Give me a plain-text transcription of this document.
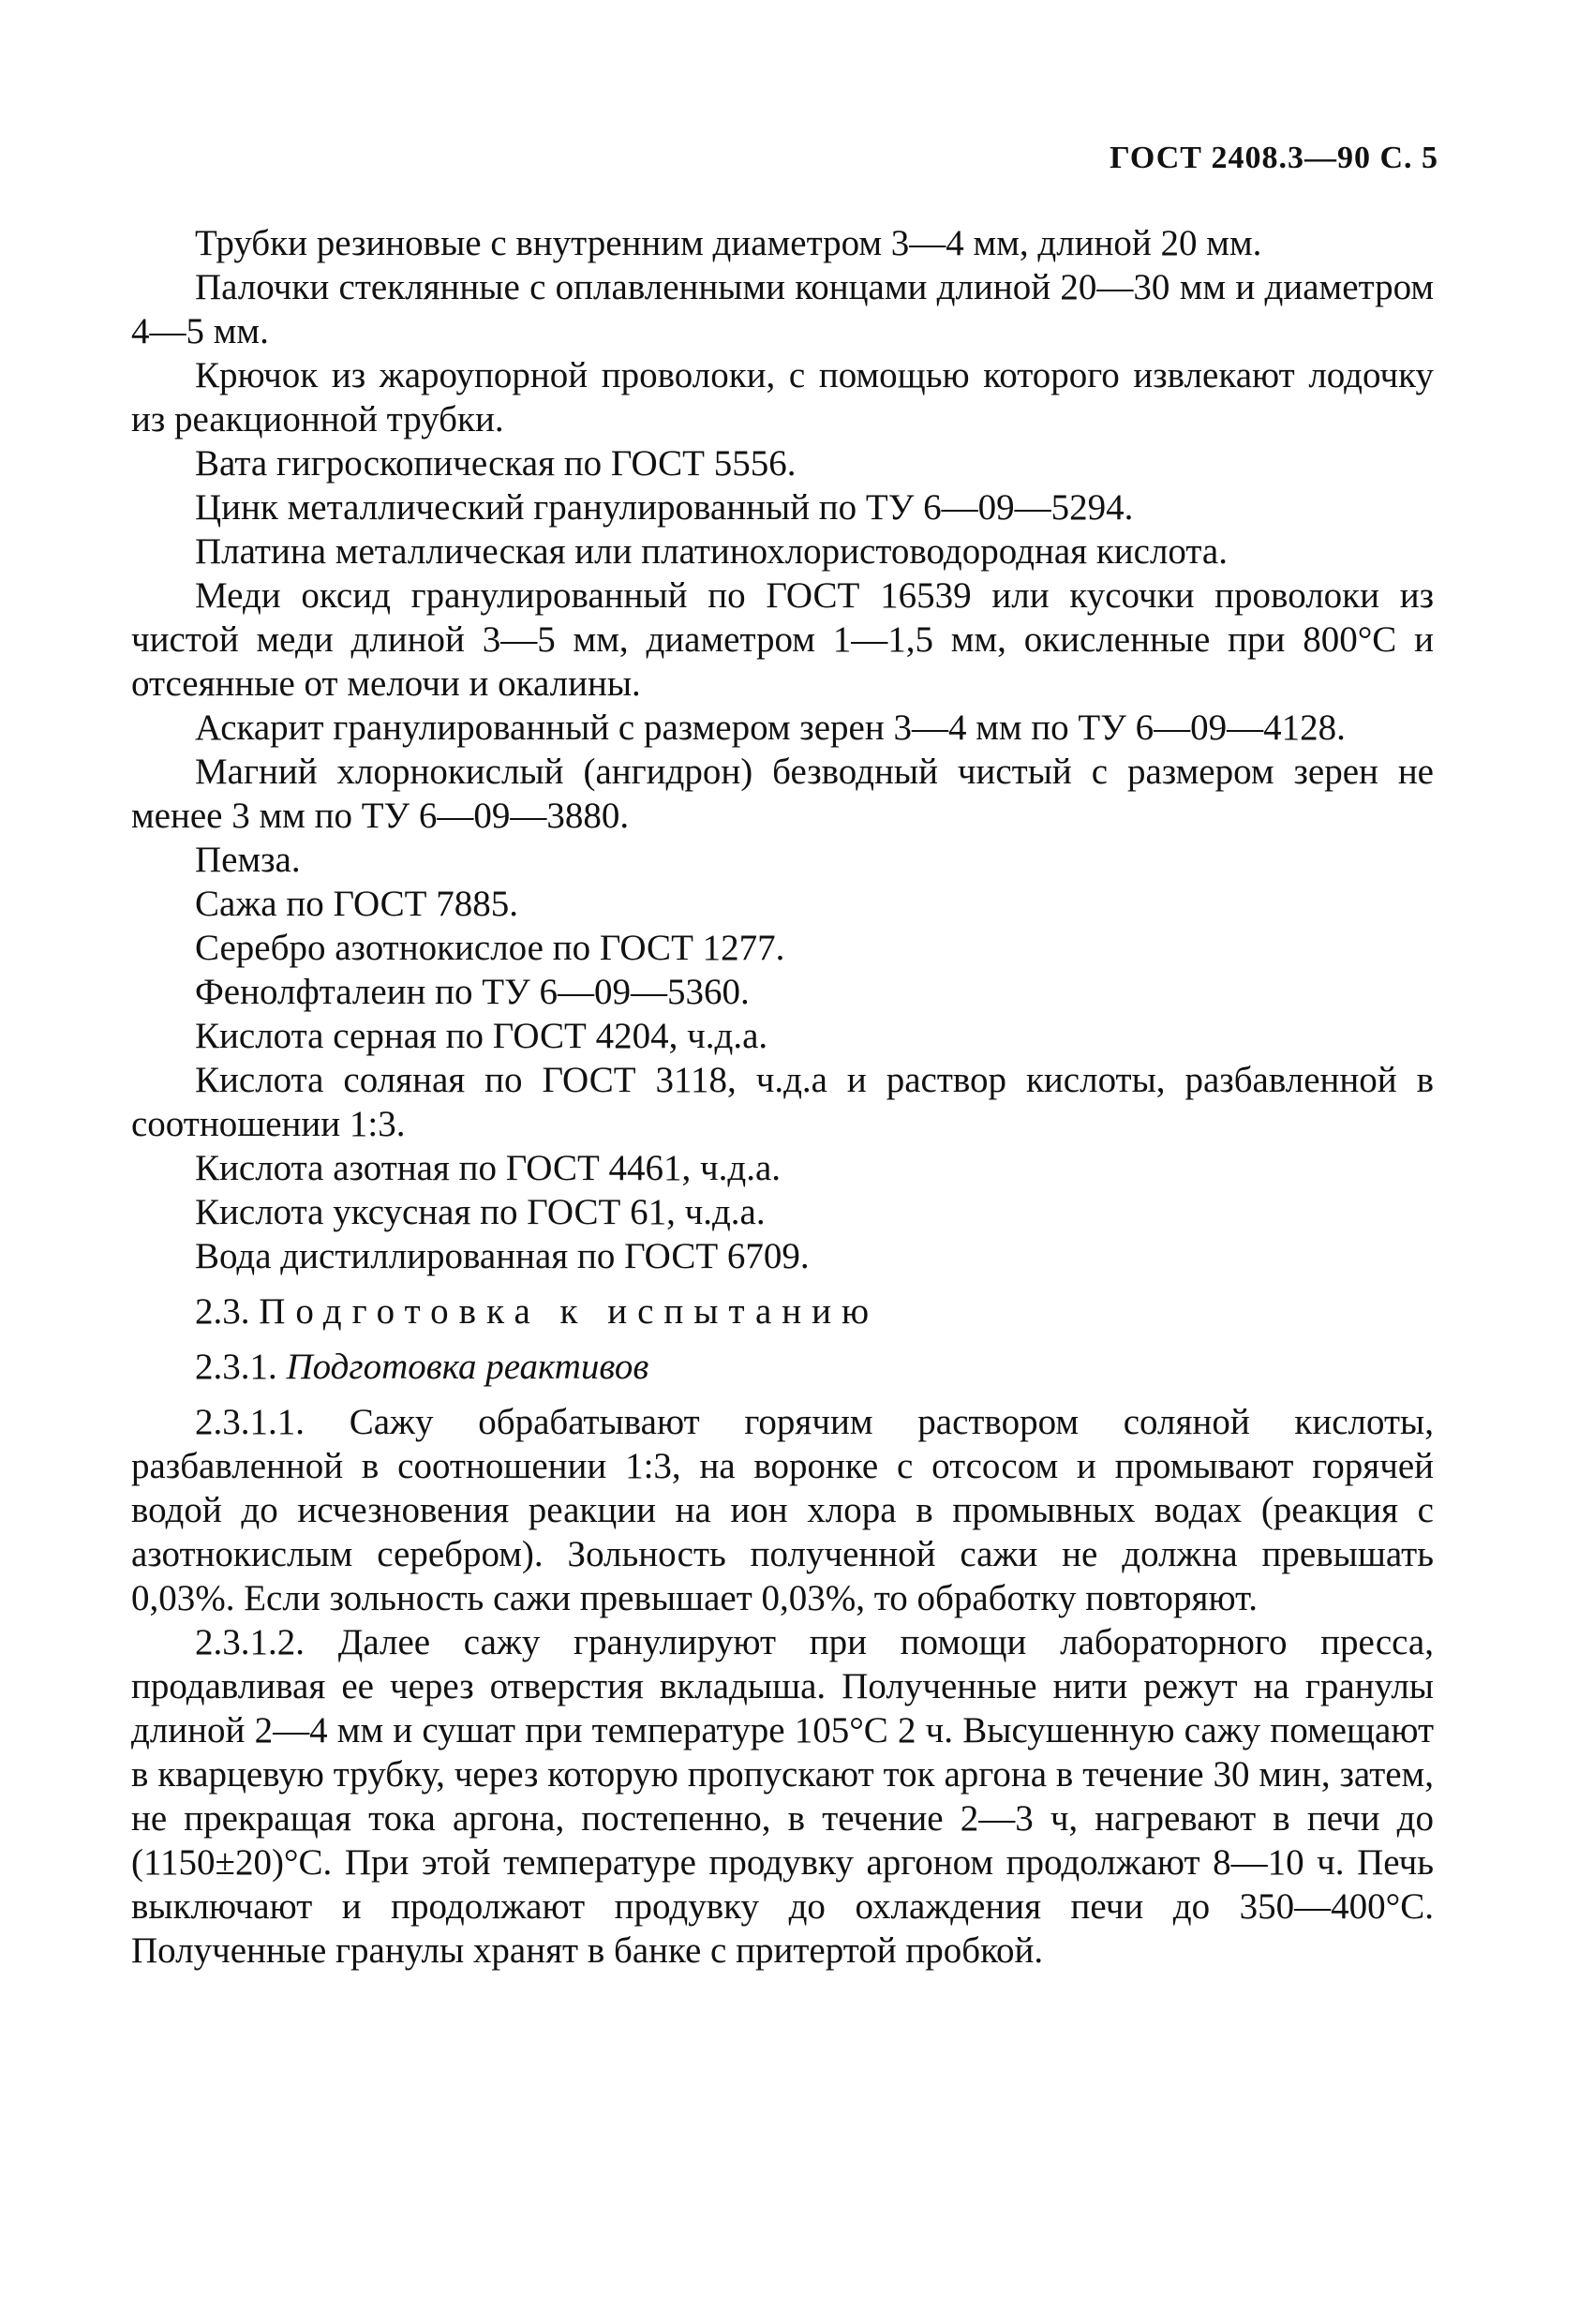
ГОСТ 2408.3—90 С. 5

Трубки резиновые с внутренним диаметром 3—4 мм, длиной 20 мм.

Палочки стеклянные с оплавленными концами длиной 20—30 мм и диаметром 4—5 мм.

Крючок из жароупорной проволоки, с помощью которого извлекают лодочку из реакционной трубки.

Вата гигроскопическая по ГОСТ 5556.

Цинк металлический гранулированный по ТУ 6—09—5294.

Платина металлическая или платинохлористоводородная кислота.

Меди оксид гранулированный по ГОСТ 16539 или кусочки проволоки из чистой меди длиной 3—5 мм, диаметром 1—1,5 мм, окисленные при 800°С и отсеянные от мелочи и окалины.

Аскарит гранулированный с размером зерен 3—4 мм по ТУ 6—09—4128.

Магний хлорнокислый (ангидрон) безводный чистый с размером зерен не менее 3 мм по ТУ 6—09—3880.

Пемза.

Сажа по ГОСТ 7885.

Серебро азотнокислое по ГОСТ 1277.

Фенолфталеин по ТУ 6—09—5360.

Кислота серная по ГОСТ 4204, ч.д.а.

Кислота соляная по ГОСТ 3118, ч.д.а и раствор кислоты, разбавленной в соотношении 1:3.

Кислота азотная по ГОСТ 4461, ч.д.а.

Кислота уксусная по ГОСТ 61, ч.д.а.

Вода дистиллированная по ГОСТ 6709.

2.3. Подготовка к испытанию

2.3.1. Подготовка реактивов

2.3.1.1. Сажу обрабатывают горячим раствором соляной кислоты, разбавленной в соотношении 1:3, на воронке с отсосом и промывают горячей водой до исчезновения реакции на ион хлора в промывных водах (реакция с азотнокислым серебром). Зольность полученной сажи не должна превышать 0,03%. Если зольность сажи превышает 0,03%, то обработку повторяют.

2.3.1.2. Далее сажу гранулируют при помощи лабораторного пресса, продавливая ее через отверстия вкладыша. Полученные нити режут на гранулы длиной 2—4 мм и сушат при температуре 105°С 2 ч. Высушенную сажу помещают в кварцевую трубку, через которую пропускают ток аргона в течение 30 мин, затем, не прекращая тока аргона, постепенно, в течение 2—3 ч, нагревают в печи до (1150±20)°С. При этой температуре продувку аргоном продолжают 8—10 ч. Печь выключают и продолжают продувку до охлаждения печи до 350—400°С. Полученные гранулы хранят в банке с притертой пробкой.
